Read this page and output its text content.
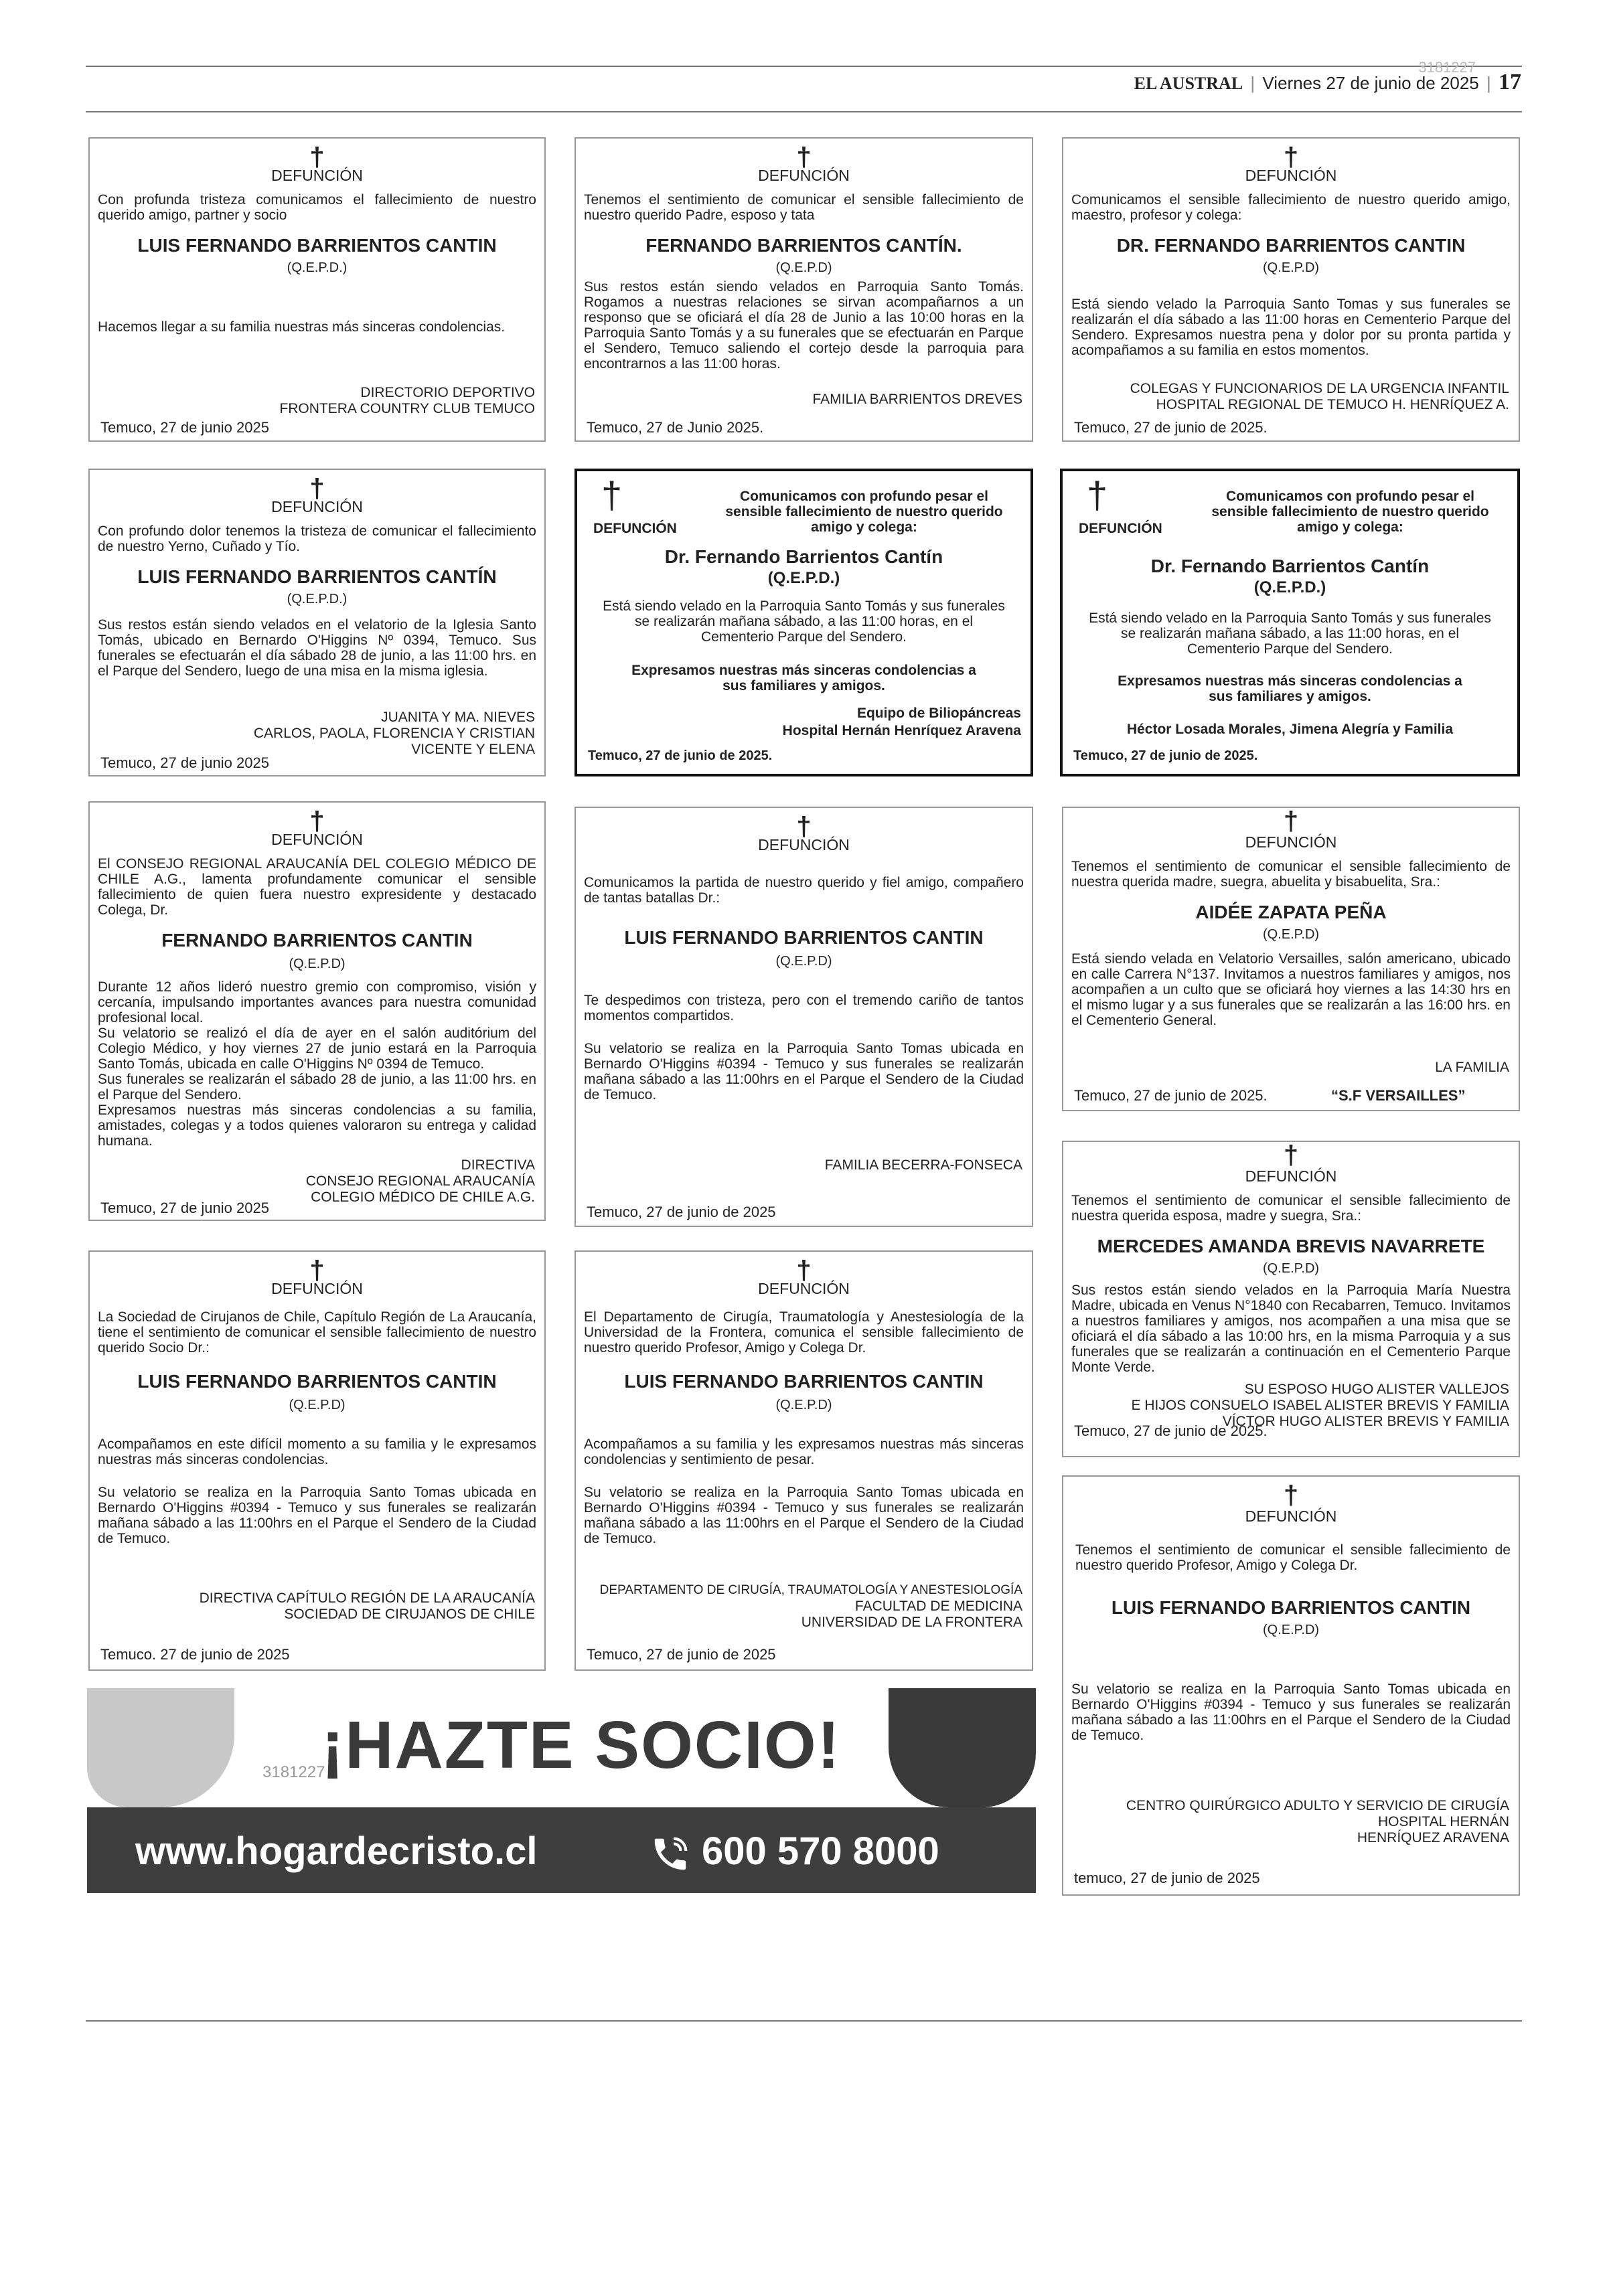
3181227
EL AUSTRAL | Viernes 27 de junio de 2025 | 17
†
DEFUNCIÓN
Con profunda tristeza comunicamos el fallecimiento de nuestro querido amigo, partner y socio
LUIS FERNANDO BARRIENTOS CANTIN
(Q.E.P.D.)
Hacemos llegar a su familia nuestras más sinceras condolencias.
DIRECTORIO DEPORTIVO
FRONTERA COUNTRY CLUB TEMUCO
Temuco, 27 de junio 2025
†
DEFUNCIÓN
Tenemos el sentimiento de comunicar el sensible fallecimiento de nuestro querido Padre, esposo y tata
FERNANDO BARRIENTOS CANTÍN.
(Q.E.P.D)
Sus restos están siendo velados en Parroquia Santo Tomás. Rogamos a nuestras relaciones se sirvan acompañarnos a un responso que se oficiará el día 28 de Junio a las 10:00 horas en la Parroquia Santo Tomás y a su funerales que se efectuarán en Parque el Sendero, Temuco saliendo el cortejo desde la parroquia para encontrarnos a las 11:00 horas.
FAMILIA BARRIENTOS DREVES
Temuco, 27 de Junio 2025.
†
DEFUNCIÓN
Comunicamos el sensible fallecimiento de nuestro querido amigo, maestro, profesor y colega:
DR. FERNANDO BARRIENTOS CANTIN
(Q.E.P.D)
Está siendo velado la Parroquia Santo Tomas y sus funerales se realizarán el día sábado a las 11:00 horas en Cementerio Parque del Sendero. Expresamos nuestra pena y dolor por su pronta partida y acompañamos a su familia en estos momentos.
COLEGAS Y FUNCIONARIOS DE LA URGENCIA INFANTIL
HOSPITAL REGIONAL DE TEMUCO H. HENRÍQUEZ A.
Temuco, 27 de junio de 2025.
†
DEFUNCIÓN
Con profundo dolor tenemos la tristeza de comunicar el fallecimiento de nuestro Yerno, Cuñado y Tío.
LUIS FERNANDO BARRIENTOS CANTÍN
(Q.E.P.D.)
Sus restos están siendo velados en el velatorio de la Iglesia Santo Tomás, ubicado en Bernardo O'Higgins Nº 0394, Temuco. Sus funerales se efectuarán el día sábado 28 de junio, a las 11:00 hrs. en el Parque del Sendero, luego de una misa en la misma iglesia.
JUANITA Y MA. NIEVES
CARLOS, PAOLA, FLORENCIA Y CRISTIAN
VICENTE Y ELENA
Temuco, 27 de junio 2025
†
DEFUNCIÓN
Comunicamos con profundo pesar el sensible fallecimiento de nuestro querido amigo y colega:
Dr. Fernando Barrientos Cantín
(Q.E.P.D.)
Está siendo velado en la Parroquia Santo Tomás y sus funerales se realizarán mañana sábado, a las 11:00 horas, en el Cementerio Parque del Sendero.
Expresamos nuestras más sinceras condolencias a sus familiares y amigos.
Equipo de Biliopáncreas
Hospital Hernán Henríquez Aravena
Temuco, 27 de junio de 2025.
†
DEFUNCIÓN
Comunicamos con profundo pesar el sensible fallecimiento de nuestro querido amigo y colega:
Dr. Fernando Barrientos Cantín
(Q.E.P.D.)
Está siendo velado en la Parroquia Santo Tomás y sus funerales se realizarán mañana sábado, a las 11:00 horas, en el Cementerio Parque del Sendero.
Expresamos nuestras más sinceras condolencias a sus familiares y amigos.
Héctor Losada Morales, Jimena Alegría y Familia
Temuco, 27 de junio de 2025.
†
DEFUNCIÓN
El CONSEJO REGIONAL ARAUCANÍA DEL COLEGIO MÉDICO DE CHILE A.G., lamenta profundamente comunicar el sensible fallecimiento de quien fuera nuestro expresidente y destacado Colega, Dr.
FERNANDO BARRIENTOS CANTIN
(Q.E.P.D)
Durante 12 años lideró nuestro gremio con compromiso, visión y cercanía, impulsando importantes avances para nuestra comunidad profesional local.
Su velatorio se realizó el día de ayer en el salón auditórium del Colegio Médico, y hoy viernes 27 de junio estará en la Parroquia Santo Tomás, ubicada en calle O'Higgins Nº 0394 de Temuco.
Sus funerales se realizarán el sábado 28 de junio, a las 11:00 hrs. en el Parque del Sendero.
Expresamos nuestras más sinceras condolencias a su familia, amistades, colegas y a todos quienes valoraron su entrega y calidad humana.
DIRECTIVA
CONSEJO REGIONAL ARAUCANÍA
COLEGIO MÉDICO DE CHILE A.G.
Temuco, 27 de junio 2025
†
DEFUNCIÓN
Comunicamos la partida de nuestro querido y fiel amigo, compañero de tantas batallas Dr.:
LUIS FERNANDO BARRIENTOS CANTIN
(Q.E.P.D)
Te despedimos con tristeza, pero con el tremendo cariño de tantos momentos compartidos.
Su velatorio se realiza en la Parroquia Santo Tomas ubicada en Bernardo O'Higgins #0394 - Temuco y sus funerales se realizarán mañana sábado a las 11:00hrs en el Parque el Sendero de la Ciudad de Temuco.
FAMILIA BECERRA-FONSECA
Temuco, 27 de junio de 2025
†
DEFUNCIÓN
Tenemos el sentimiento de comunicar el sensible fallecimiento de nuestra querida madre, suegra, abuelita y bisabuelita, Sra.:
AIDÉE ZAPATA PEÑA
(Q.E.P.D)
Está siendo velada en Velatorio Versailles, salón americano, ubicado en calle Carrera N°137. Invitamos a nuestros familiares y amigos, nos acompañen a un culto que se oficiará hoy viernes a las 14:30 hrs en el mismo lugar y a sus funerales que se realizarán a las 16:00 hrs. en el Cementerio General.
LA FAMILIA
Temuco, 27 de junio de 2025.	“S.F VERSAILLES”
†
DEFUNCIÓN
Tenemos el sentimiento de comunicar el sensible fallecimiento de nuestra querida esposa, madre y suegra, Sra.:
MERCEDES AMANDA BREVIS NAVARRETE
(Q.E.P.D)
Sus restos están siendo velados en la Parroquia María Nuestra Madre, ubicada en Venus N°1840 con Recabarren, Temuco. Invitamos a nuestros familiares y amigos, nos acompañen a una misa que se oficiará el día sábado a las 10:00 hrs, en la misma Parroquia y a sus funerales que se realizarán a continuación en el Cementerio Parque Monte Verde.
SU ESPOSO HUGO ALISTER VALLEJOS
E HIJOS CONSUELO ISABEL ALISTER BREVIS Y FAMILIA
VÍCTOR HUGO ALISTER BREVIS Y FAMILIA
Temuco, 27 de junio de 2025.
†
DEFUNCIÓN
La Sociedad de Cirujanos de Chile, Capítulo Región de La Araucanía, tiene el sentimiento de comunicar el sensible fallecimiento de nuestro querido Socio Dr.:
LUIS FERNANDO BARRIENTOS CANTIN
(Q.E.P.D)
Acompañamos en este difícil momento a su familia y le expresamos nuestras más sinceras condolencias.
Su velatorio se realiza en la Parroquia Santo Tomas ubicada en Bernardo O'Higgins #0394 - Temuco y sus funerales se realizarán mañana sábado a las 11:00hrs en el Parque el Sendero de la Ciudad de Temuco.
DIRECTIVA CAPÍTULO REGIÓN DE LA ARAUCANÍA
SOCIEDAD DE CIRUJANOS DE CHILE
Temuco. 27 de junio de 2025
†
DEFUNCIÓN
El Departamento de Cirugía, Traumatología y Anestesiología de la Universidad de la Frontera, comunica el sensible fallecimiento de nuestro querido Profesor, Amigo y Colega Dr.
LUIS FERNANDO BARRIENTOS CANTIN
(Q.E.P.D)
Acompañamos a su familia y les expresamos nuestras más sinceras condolencias y sentimiento de pesar.
Su velatorio se realiza en la Parroquia Santo Tomas ubicada en Bernardo O'Higgins #0394 - Temuco y sus funerales se realizarán mañana sábado a las 11:00hrs en el Parque el Sendero de la Ciudad de Temuco.
DEPARTAMENTO DE CIRUGÍA, TRAUMATOLOGÍA Y ANESTESIOLOGÍA
FACULTAD DE MEDICINA
UNIVERSIDAD DE LA FRONTERA
Temuco, 27 de junio de 2025
†
DEFUNCIÓN
Tenemos el sentimiento de comunicar el sensible fallecimiento de nuestro querido Profesor, Amigo y Colega Dr.
LUIS FERNANDO BARRIENTOS CANTIN
(Q.E.P.D)
Su velatorio se realiza en la Parroquia Santo Tomas ubicada en Bernardo O'Higgins #0394 - Temuco y sus funerales se realizarán mañana sábado a las 11:00hrs en el Parque el Sendero de la Ciudad de Temuco.
CENTRO QUIRÚRGICO ADULTO Y SERVICIO DE CIRUGÍA
HOSPITAL HERNÁN
HENRÍQUEZ ARAVENA
temuco, 27 de junio de 2025
¡HAZTE SOCIO!
3181227
www.hogardecristo.cl	600 570 8000
